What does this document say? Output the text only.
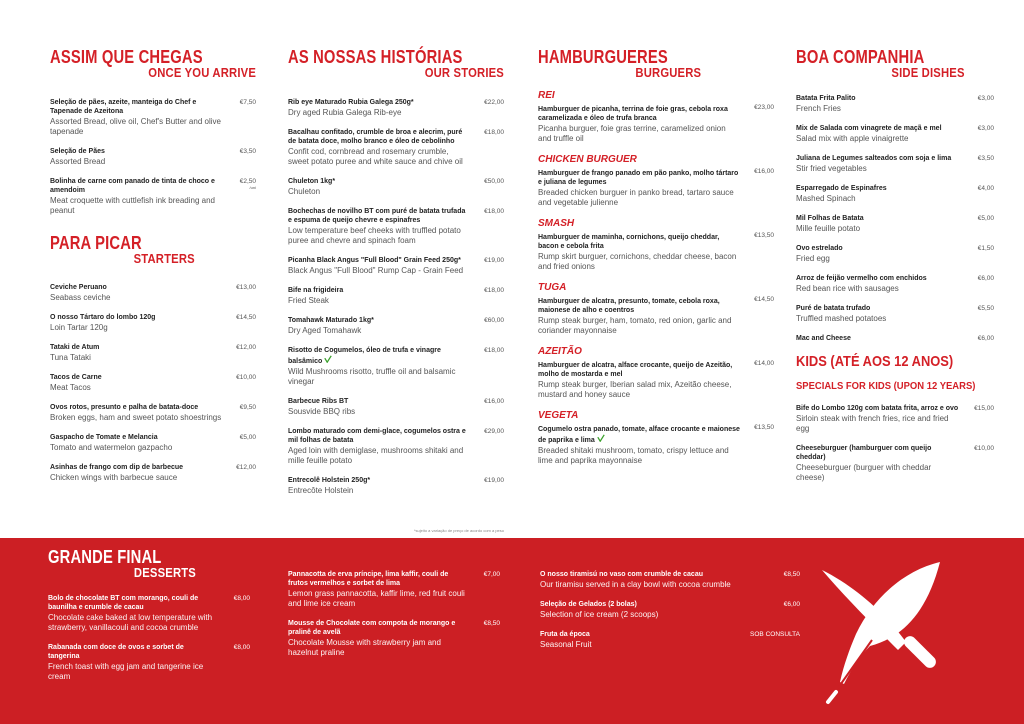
ASSIM QUE CHEGAS
ONCE YOU ARRIVE
Seleção de pães, azeite, manteiga do Chef e Tapenade de Azeitona
Assorted Bread, olive oil, Chef's Butter and olive tapenade
€7,50
Seleção de Pães
Assorted Bread
€3,50
Bolinha de carne com panado de tinta de choco e amendoim
Meat croquette with cuttlefish ink breading and peanut
€2,50
/uni
PARA PICAR
STARTERS
Ceviche Peruano
Seabass ceviche
€13,00
O nosso Tártaro do lombo 120g
Loin Tartar 120g
€14,50
Tataki de Atum
Tuna Tataki
€12,00
Tacos de Carne
Meat Tacos
€10,00
Ovos rotos, presunto e palha de batata-doce
Broken eggs, ham and sweet potato shoestrings
€9,50
Gaspacho de Tomate e Melancia
Tomato and watermelon gazpacho
€5,00
Asinhas de frango com dip de barbecue
Chicken wings with barbecue sauce
€12,00
AS NOSSAS HISTÓRIAS
OUR STORIES
Rib eye Maturado Rubia Galega 250g*
Dry aged Rubia Galega Rib-eye
€22,00
Bacalhau confitado, crumble de broa e alecrim, puré de batata doce, molho branco e óleo de cebolinho
Confit cod, cornbread and rosemary crumble, sweet potato puree and white sauce and chive oil
€18,00
Chuleton 1kg*
Chuleton
€50,00
Bochechas de novilho BT com puré de batata trufada e espuma de queijo chevre e espinafres
Low temperature beef cheeks with truffled potato puree and chevre and spinach foam
€18,00
Picanha Black Angus "Full Blood" Grain Feed 250g*
Black Angus "Full Blood" Rump Cap - Grain Feed
€19,00
Bife na frigideira
Fried Steak
€18,00
Tomahawk Maturado 1kg*
Dry Aged Tomahawk
€60,00
Risotto de Cogumelos, óleo de trufa e vinagre balsâmico
Wild Mushrooms risotto, truffle oil and balsamic vinegar
€18,00
Barbecue Ribs BT
Sousvide BBQ ribs
€16,00
Lombo maturado com demi-glace, cogumelos ostra e mil folhas de batata
Aged loin with demiglase, mushrooms shitaki and mille feuille potato
€29,00
Entrecolê Holstein 250g*
Entrecôte Holstein
€19,00
*sujeito a variação de preço de acordo com a peso
HAMBURGUERES
BURGUERS
REI
Hamburguer de picanha, terrina de foie gras, cebola roxa caramelizada e óleo de trufa branca
Picanha burguer, foie gras terrine, caramelized onion and truffle oil
€23,00
CHICKEN BURGUER
Hamburguer de frango panado em pão panko, molho tártaro e juliana de legumes
Breaded chicken burguer in panko bread, tartaro sauce and vegetable julienne
€16,00
SMASH
Hamburguer de maminha, cornichons, queijo cheddar, bacon e cebola frita
Rump skirt burguer, cornichons, cheddar cheese, bacon and fried onions
€13,50
TUGA
Hamburguer de alcatra, presunto, tomate, cebola roxa, maionese de alho e coentros
Rump steak burger, ham, tomato, red onion, garlic and coriander mayonnaise
€14,50
AZEITÃO
Hamburguer de alcatra, alface crocante, queijo de Azeitão, molho de mostarda e mel
Rump steak burger, Iberian salad mix, Azeitão cheese, mustard and honey sauce
€14,00
VEGETA
Cogumelo ostra panado, tomate, alface crocante e maionese de paprika e lima
Breaded shitaki mushroom, tomato, crispy lettuce and lime and paprika mayonnaise
€13,50
BOA COMPANHIA
SIDE DISHES
Batata Frita Palito
French Fries
€3,00
Mix de Salada com vinagrete de maçã e mel
Salad mix with apple vinaigrette
€3,00
Juliana de Legumes salteados com soja e lima
Stir fried vegetables
€3,50
Esparregado de Espinafres
Mashed Spinach
€4,00
Mil Folhas de Batata
Mille feuille potato
€5,00
Ovo estrelado
Fried egg
€1,50
Arroz de feijão vermelho com enchidos
Red bean rice with sausages
€6,00
Puré de batata trufado
Truffled mashed potatoes
€5,50
Mac and Cheese	€6,00
KIDS (ATÉ AOS 12 ANOS)
SPECIALS FOR KIDS (UPON 12 YEARS)
Bife do Lombo 120g com batata frita, arroz e ovo
Sirloin steak with french fries, rice and fried egg
€15,00
Cheeseburguer (hamburguer com queijo cheddar)
Cheeseburguer (burguer with cheddar cheese)
€10,00
GRANDE FINAL
DESSERTS
Bolo de chocolate BT com morango, couli de baunilha e crumble de cacau
Chocolate cake baked at low temperature with strawberry, vanillacouli and cocoa crumble
€8,00
Rabanada com doce de ovos e sorbet de tangerina
French toast with egg jam and tangerine ice cream
€8,00
Pannacotta de erva príncipe, lima kaffir, couli de frutos vermelhos e sorbet de lima
Lemon grass pannacotta, kaffir lime, red fruit couli and lime ice cream
€7,00
Mousse de Chocolate com compota de morango e pralinê de avelã
Chocolate Mousse with strawberry jam and hazelnut praline
€8,50
O nosso tiramisú no vaso com crumble de cacau
Our tiramisu served in a clay bowl with cocoa crumble
€8,50
Seleção de Gelados (2 bolas)
Selection of ice cream (2 scoops)
€6,00
Fruta da época
Seasonal Fruit
SOB CONSULTA
